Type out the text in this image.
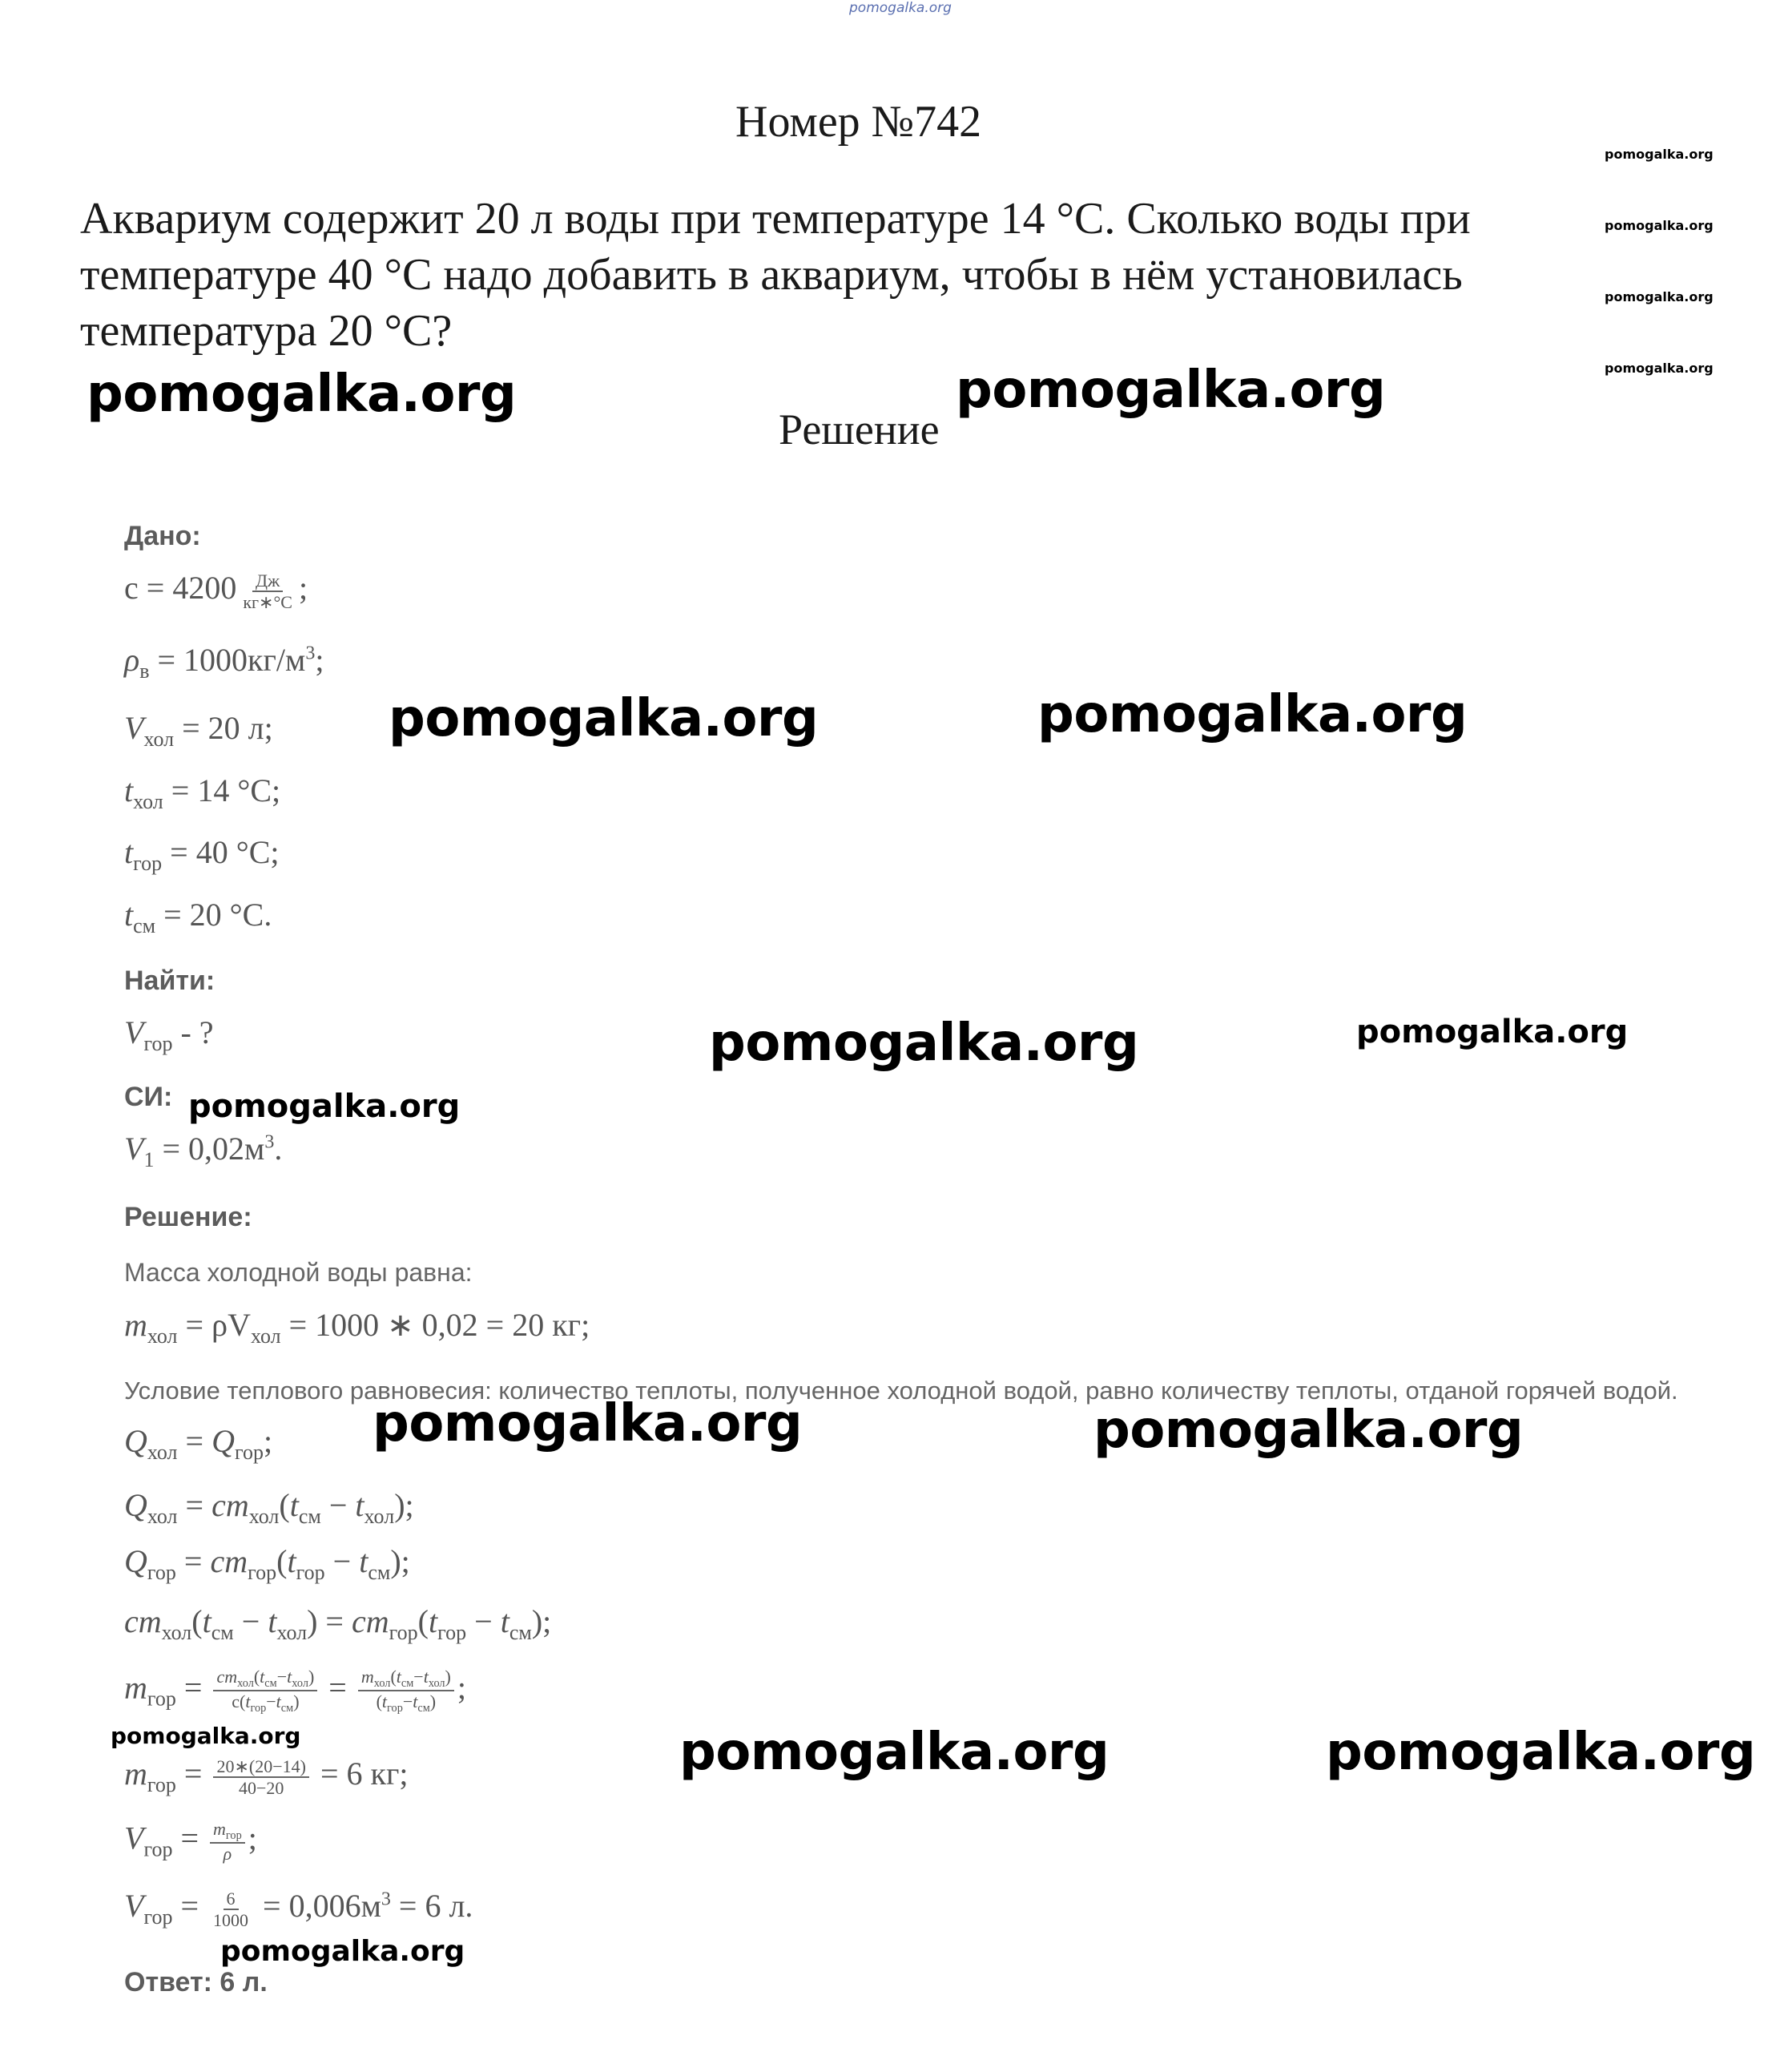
pomogalka.org
pomogalka.org
pomogalka.org
pomogalka.org
pomogalka.org
Номер №742
Аквариум содержит 20 л воды при температуре 14 °С. Сколько воды при температуре 40 °С надо добавить в аквариум, чтобы в нём установилась температура 20 °С?
pomogalka.org
Решение
pomogalka.org
Дано:
$c = 4200 \frac{Дж}{кг∗^\circ С}$ ;
$\rho_в = 1000кг/м^3$;
$V_{хол} = 20$ л; pomogalka.org	pomogalka.org
$t_{хол} = 14$ °С;
$t_{гор} = 40$ °С;
$t_{см} = 20$ °С.
Найти:
$V_{гор}$ - ?	pomogalka.org	pomogalka.org
СИ: pomogalka.org
$V_1 = 0,02м^3$.
Решение:
Масса холодной воды равна:
$m_{хол} = \rho V_{хол} = 1000$ ∗ 0,02 = 20 кг;
Условие теплового равновесия: количество теплоты, полученное холодной водой, равно количеству теплоты, отданой горячей водой.
$Q_{хол} = Q_{гор}$; pomogalka.org	pomogalka.org
$Q_{хол} = cm_{хол}(t_{см} - t_{хол})$;
$Q_{гор} = cm_{гор}(t_{гор} - t_{см})$;
$cm_{хол}(t_{см} - t_{хол}) = cm_{гор}(t_{гор} - t_{см})$;
$m_{гор} = \frac{cm_{хол}(t_{см}-t_{хол})}{c(t_{гор}-t_{см})} = \frac{m_{хол}(t_{см}-t_{хол})}{(t_{гор}-t_{см})}$ ;
pomogalka.org	pomogalka.org	pomogalka.org
$m_{гор} = \frac{20∗(20-14)}{40-20} = 6$ кг;
$V_{гор} = \frac{m_{гор}}{\rho}$ ;
$V_{гор} = \frac{6}{1000} = 0,006м^3 = 6$ л.
pomogalka.org
Ответ: 6 л.
